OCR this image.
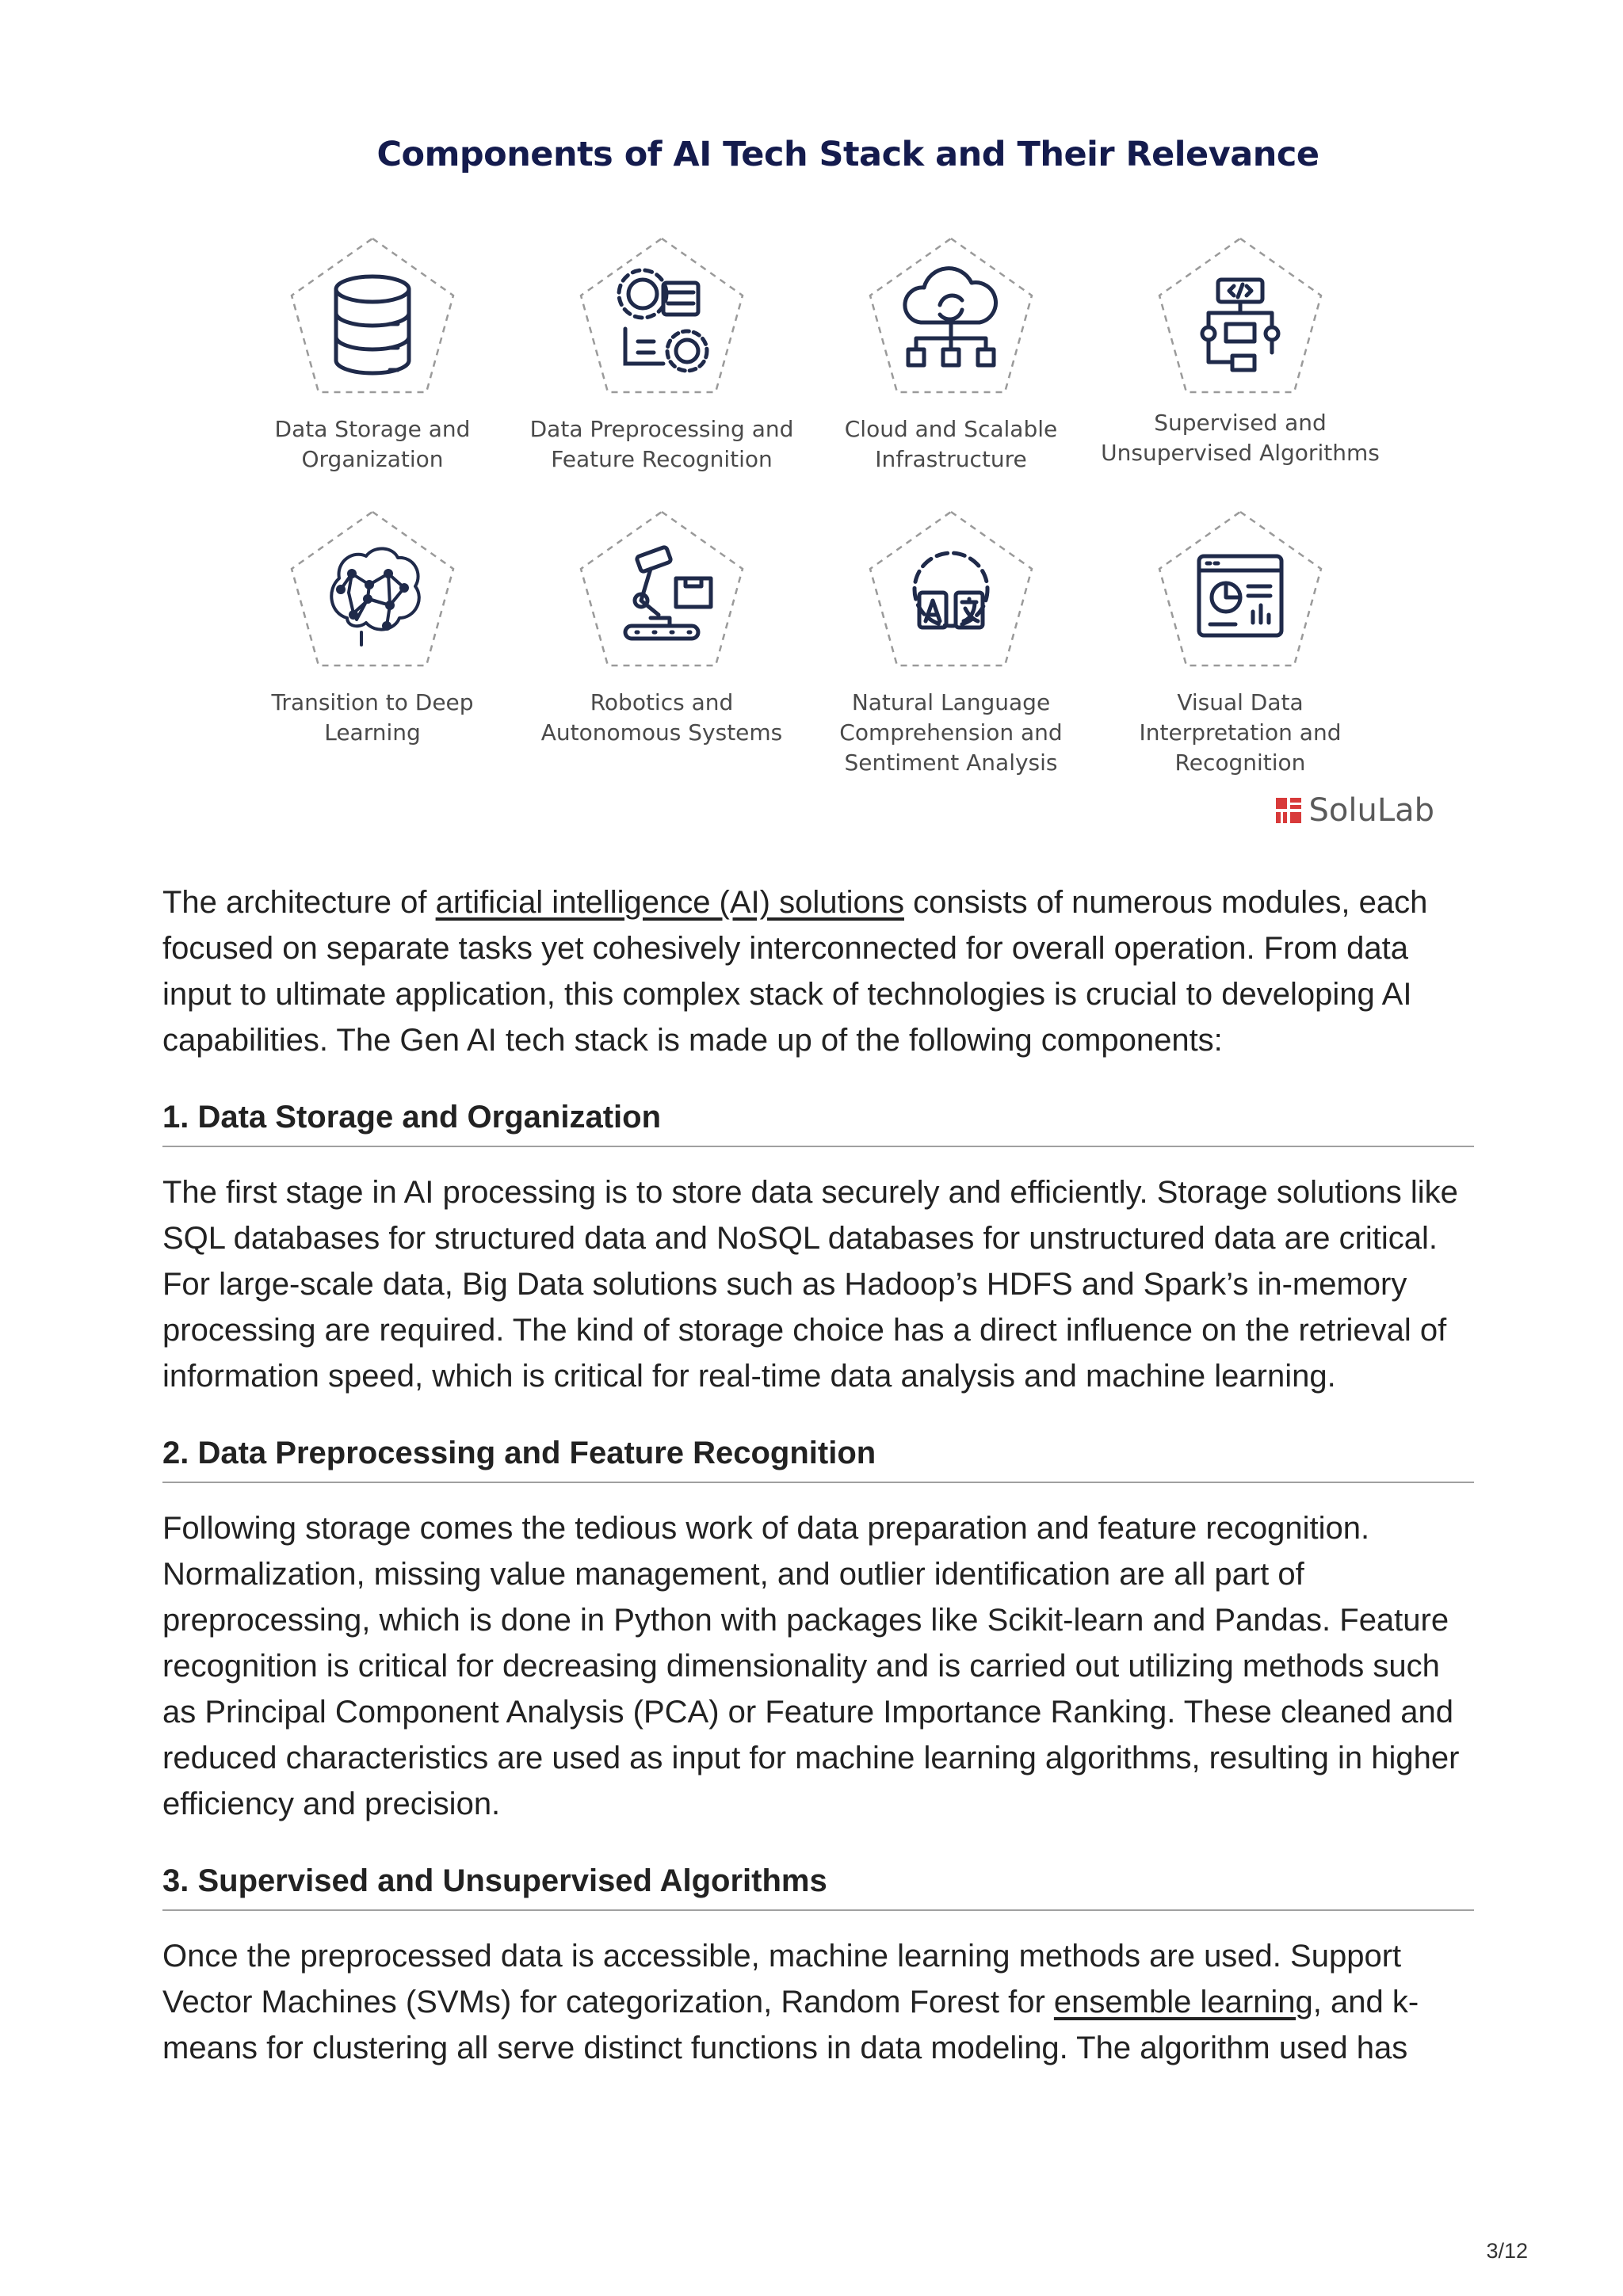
Components of AI Tech Stack and Their Relevance
Data Storage and
Organization
Data Preprocessing and
Feature Recognition
Cloud and Scalable
Infrastructure
Supervised and
Unsupervised Algorithms
Transition to Deep
Learning
Robotics and
Autonomous Systems
Natural Language
Comprehension and
Sentiment Analysis
Visual Data
Interpretation and
Recognition
SoluLab

The architecture of artificial intelligence (AI) solutions consists of numerous modules, each focused on separate tasks yet cohesively interconnected for overall operation. From data input to ultimate application, this complex stack of technologies is crucial to developing AI capabilities. The Gen AI tech stack is made up of the following components:

1. Data Storage and Organization

The first stage in AI processing is to store data securely and efficiently. Storage solutions like SQL databases for structured data and NoSQL databases for unstructured data are critical. For large-scale data, Big Data solutions such as Hadoop’s HDFS and Spark’s in-memory processing are required. The kind of storage choice has a direct influence on the retrieval of information speed, which is critical for real-time data analysis and machine learning.

2. Data Preprocessing and Feature Recognition

Following storage comes the tedious work of data preparation and feature recognition. Normalization, missing value management, and outlier identification are all part of preprocessing, which is done in Python with packages like Scikit-learn and Pandas. Feature recognition is critical for decreasing dimensionality and is carried out utilizing methods such as Principal Component Analysis (PCA) or Feature Importance Ranking. These cleaned and reduced characteristics are used as input for machine learning algorithms, resulting in higher efficiency and precision.

3. Supervised and Unsupervised Algorithms

Once the preprocessed data is accessible, machine learning methods are used. Support Vector Machines (SVMs) for categorization, Random Forest for ensemble learning, and k-means for clustering all serve distinct functions in data modeling. The algorithm used has

3/12
